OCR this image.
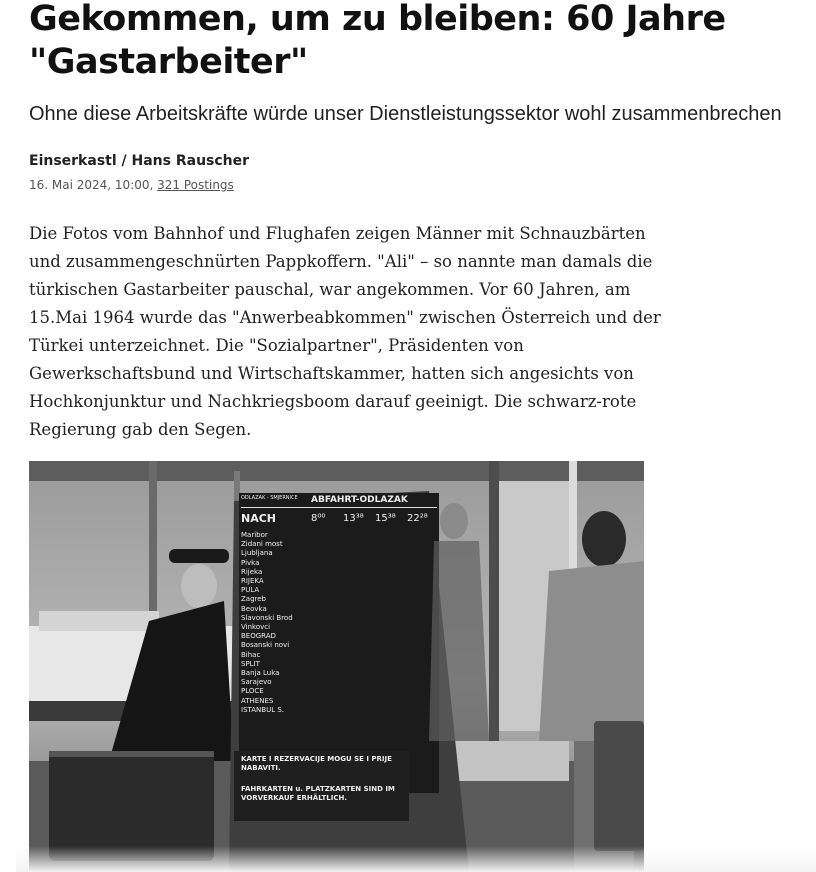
Gekommen, um zu bleiben: 60 Jahre "Gastarbeiter"
Ohne diese Arbeitskräfte würde unser Dienstleistungssektor wohl zusammenbrechen
Einserkastl / Hans Rauscher
16. Mai 2024, 10:00, 321 Postings
Die Fotos vom Bahnhof und Flughafen zeigen Männer mit Schnauzbärten
und zusammengeschnürten Pappkoffern. "Ali" – so nannte man damals die
türkischen Gastarbeiter pauschal, war angekommen. Vor 60 Jahren, am
15.Mai 1964 wurde das "Anwerbeabkommen" zwischen Österreich und der
Türkei unterzeichnet. Die "Sozialpartner", Präsidenten von
Gewerkschaftsbund und Wirtschaftskammer, hatten sich angesichts von
Hochkonjunktur und Nachkriegsboom darauf geeinigt. Die schwarz-rote
Regierung gab den Segen.
ODLAZAK - SMJERNICE	ABFAHRT-ODLAZAK
NACH	8⁰⁰	13³⁸	15³⁸	22²⁸
Maribor
Zidani most
Ljubljana
Pivka
Rijeka
RIJEKA
PULA
Zagreb
Beovka
Slavonski Brod
Vinkovci
BEOGRAD
Bosanski novi
Bihac
SPLIT
Banja Luka
Sarajevo
PLOCE
ATHENES
ISTANBUL S.
KARTE I REZERVACIJE MOGU SE I PRIJE NABAVITI.
FAHRKARTEN u. PLATZKARTEN SIND IM VORVERKAUF ERHÄLTLICH.
